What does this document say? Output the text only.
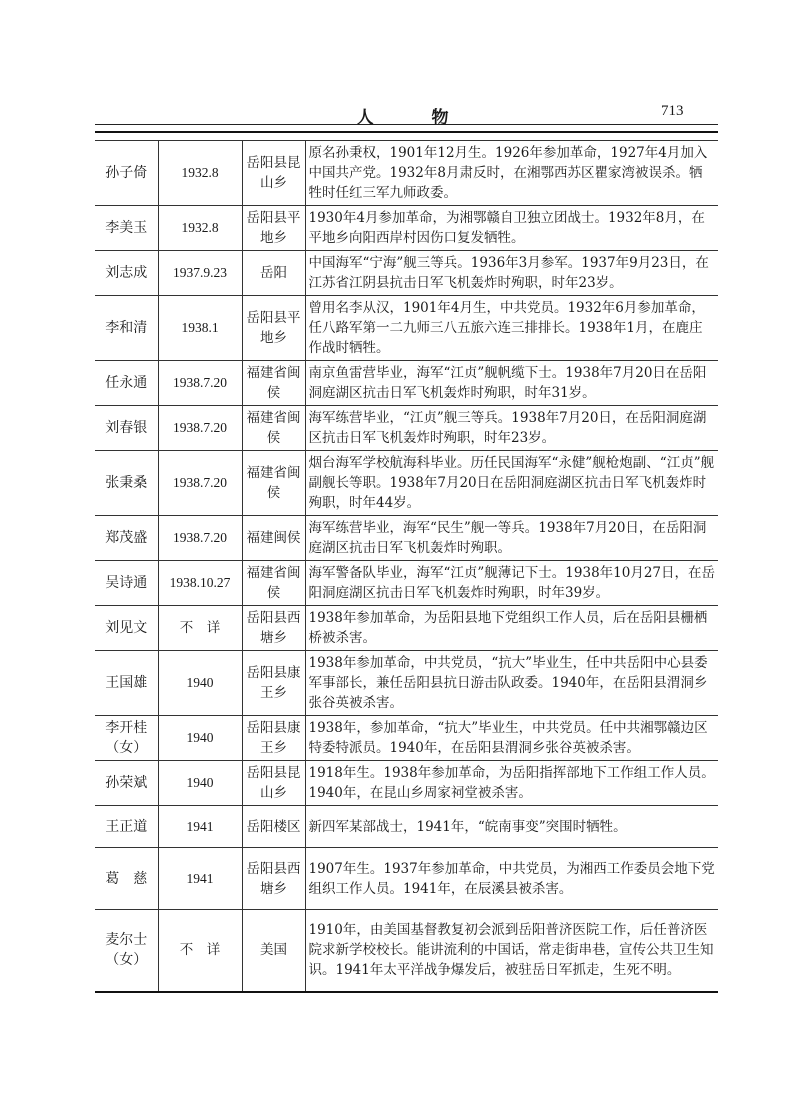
人 物	713
孙子倚	1932.8	岳阳县昆山乡	原名孙秉权，1901年12月生。1926年参加革命，1927年4月加入中国共产党。1932年8月肃反时，在湘鄂西苏区瞿家湾被误杀。牺牲时任红三军九师政委。
李美玉	1932.8	岳阳县平地乡	1930年4月参加革命，为湘鄂赣自卫独立团战士。1932年8月，在平地乡向阳西岸村因伤口复发牺牲。
刘志成	1937.9.23	岳阳	中国海军“宁海”舰三等兵。1936年3月参军。1937年9月23日，在江苏省江阴县抗击日军飞机轰炸时殉职，时年23岁。
李和清	1938.1	岳阳县平地乡	曾用名李从汉，1901年4月生，中共党员。1932年6月参加革命，任八路军第一二九师三八五旅六连三排排长。1938年1月，在鹿庄作战时牺牲。
任永通	1938.7.20	福建省闽侯	南京鱼雷营毕业，海军“江贞”舰帆缆下士。1938年7月20日在岳阳洞庭湖区抗击日军飞机轰炸时殉职，时年31岁。
刘春银	1938.7.20	福建省闽侯	海军练营毕业，“江贞”舰三等兵。1938年7月20日，在岳阳洞庭湖区抗击日军飞机轰炸时殉职，时年23岁。
张秉桑	1938.7.20	福建省闽侯	烟台海军学校航海科毕业。历任民国海军“永健”舰枪炮副、“江贞”舰副舰长等职。1938年7月20日在岳阳洞庭湖区抗击日军飞机轰炸时殉职，时年44岁。
郑茂盛	1938.7.20	福建闽侯	海军练营毕业，海军“民生”舰一等兵。1938年7月20日，在岳阳洞庭湖区抗击日军飞机轰炸时殉职。
吴诗通	1938.10.27	福建省闽侯	海军警备队毕业，海军“江贞”舰薄记下士。1938年10月27日，在岳阳洞庭湖区抗击日军飞机轰炸时殉职，时年39岁。
刘见文	不　详	岳阳县西塘乡	1938年参加革命，为岳阳县地下党组织工作人员，后在岳阳县栅栖桥被杀害。
王国雄	1940	岳阳县康王乡	1938年参加革命，中共党员，“抗大”毕业生，任中共岳阳中心县委军事部长，兼任岳阳县抗日游击队政委。1940年，在岳阳县渭洞乡张谷英被杀害。
李开桂（女）	1940	岳阳县康王乡	1938年，参加革命，“抗大”毕业生，中共党员。任中共湘鄂赣边区特委特派员。1940年，在岳阳县渭洞乡张谷英被杀害。
孙荣斌	1940	岳阳县昆山乡	1918年生。1938年参加革命，为岳阳指挥部地下工作组工作人员。1940年，在昆山乡周家祠堂被杀害。
王正道	1941	岳阳楼区	新四军某部战士，1941年，“皖南事变”突围时牺牲。
葛　慈	1941	岳阳县西塘乡	1907年生。1937年参加革命，中共党员，为湘西工作委员会地下党组织工作人员。1941年，在辰溪县被杀害。
麦尔士（女）	不　详	美国	1910年，由美国基督教复初会派到岳阳普济医院工作，后任普济医院求新学校校长。能讲流利的中国话，常走街串巷，宣传公共卫生知识。1941年太平洋战争爆发后，被驻岳日军抓走，生死不明。
